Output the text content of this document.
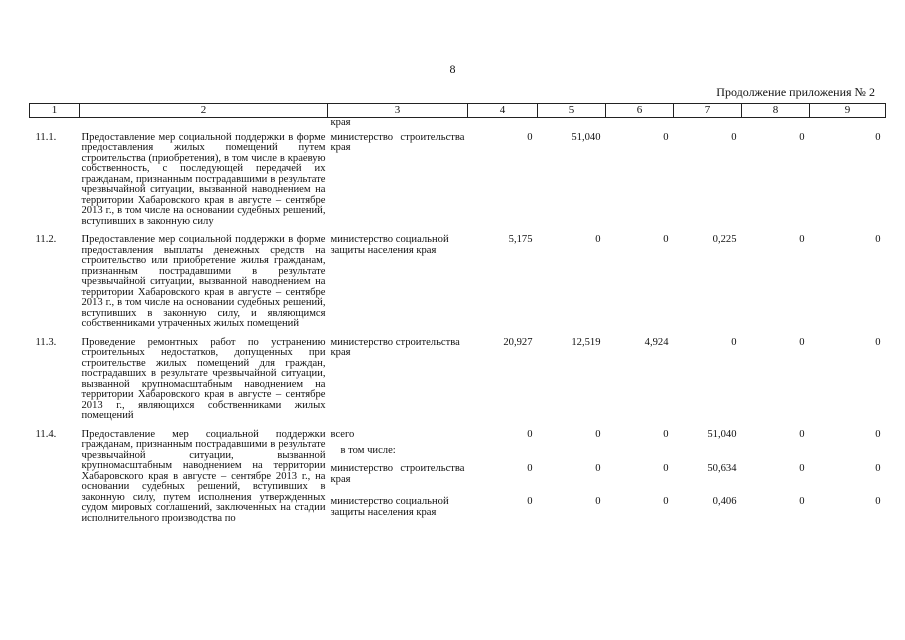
8
Продолжение приложения № 2
1	2	3	4	5	6	7	8	9
		края						

11.1.	Предоставление мер социальной поддержки в форме предоставления жилых помещений путем строительства (приобретения), в том числе в краевую собственность, с последующей передачей их гражданам, признанным пострадавшими в результате чрезвычайной ситуации, вызванной наводнением на территории Хабаровского края в августе – сентябре 2013 г., в том числе на основании судебных решений, вступивших в законную силу	министерство строительства края	0	51,040	0	0	0	0

11.2.	Предоставление мер социальной поддержки в форме предоставления выплаты денежных средств на строительство или приобретение жилья гражданам, признанным пострадавшими в результате чрезвычайной ситуации, вызванной наводнением на территории Хабаровского края в августе – сентябре 2013 г., в том числе на основании судебных решений, вступивших в законную силу, и являющимся собственниками утраченных жилых помещений	министерство социальной защиты населения края	5,175	0	0	0,225	0	0

11.3.	Проведение ремонтных работ по устранению строительных недостатков, допущенных при строительстве жилых помещений для граждан, пострадавших в результате чрезвычайной ситуации, вызванной крупномасштабным наводнением на территории Хабаровского края в августе – сентябре 2013 г., являющихся собственниками жилых помещений	министерство строительства края	20,927	12,519	4,924	0	0	0

11.4.	Предоставление мер социальной поддержки гражданам, признанным пострадавшими в результате чрезвычайной ситуации, вызванной крупномасштабным наводнением на территории Хабаровского края в августе – сентябре 2013 г., на основании судебных решений, вступивших в законную силу, путем исполнения утвержденных судом мировых соглашений, заключенных на стадии исполнительного производства по	всего	0	0	0	51,040	0	0

		в том числе:						

		министерство строительства края	0	0	0	50,634	0	0

		министерство социальной защиты населения края	0	0	0	0,406	0	0
